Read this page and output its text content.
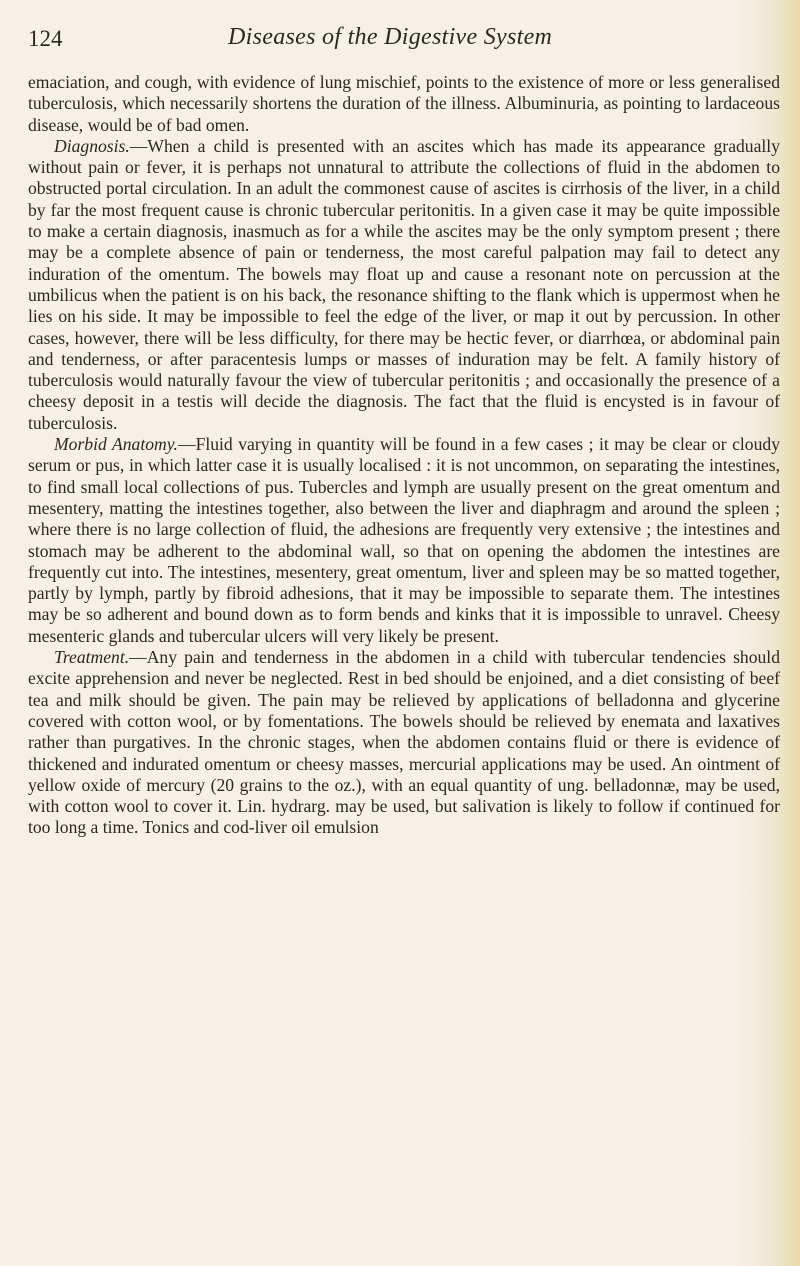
124	Diseases of the Digestive System

emaciation, and cough, with evidence of lung mischief, points to the existence of more or less generalised tuberculosis, which necessarily shortens the duration of the illness. Albuminuria, as pointing to lardaceous disease, would be of bad omen.

Diagnosis.—When a child is presented with an ascites which has made its appearance gradually without pain or fever, it is perhaps not unnatural to attribute the collections of fluid in the abdomen to obstructed portal circulation. In an adult the commonest cause of ascites is cirrhosis of the liver, in a child by far the most frequent cause is chronic tubercular peritonitis. In a given case it may be quite impossible to make a certain diagnosis, inasmuch as for a while the ascites may be the only symptom present ; there may be a complete absence of pain or tenderness, the most careful palpation may fail to detect any induration of the omentum. The bowels may float up and cause a resonant note on percussion at the umbilicus when the patient is on his back, the resonance shifting to the flank which is uppermost when he lies on his side. It may be impossible to feel the edge of the liver, or map it out by percussion. In other cases, however, there will be less difficulty, for there may be hectic fever, or diarrhœa, or abdominal pain and tenderness, or after paracentesis lumps or masses of induration may be felt. A family history of tuberculosis would naturally favour the view of tubercular peritonitis ; and occasionally the presence of a cheesy deposit in a testis will decide the diagnosis. The fact that the fluid is encysted is in favour of tuberculosis.

Morbid Anatomy.—Fluid varying in quantity will be found in a few cases ; it may be clear or cloudy serum or pus, in which latter case it is usually localised : it is not uncommon, on separating the intestines, to find small local collections of pus. Tubercles and lymph are usually present on the great omentum and mesentery, matting the intestines together, also between the liver and diaphragm and around the spleen ; where there is no large collection of fluid, the adhesions are frequently very extensive ; the intestines and stomach may be adherent to the abdominal wall, so that on opening the abdomen the intestines are frequently cut into. The intestines, mesentery, great omentum, liver and spleen may be so matted together, partly by lymph, partly by fibroid adhesions, that it may be impossible to separate them. The intestines may be so adherent and bound down as to form bends and kinks that it is impossible to unravel. Cheesy mesenteric glands and tubercular ulcers will very likely be present.

Treatment.—Any pain and tenderness in the abdomen in a child with tubercular tendencies should excite apprehension and never be neglected. Rest in bed should be enjoined, and a diet consisting of beef tea and milk should be given. The pain may be relieved by applications of belladonna and glycerine covered with cotton wool, or by fomentations. The bowels should be relieved by enemata and laxatives rather than purgatives. In the chronic stages, when the abdomen contains fluid or there is evidence of thickened and indurated omentum or cheesy masses, mercurial applications may be used. An ointment of yellow oxide of mercury (20 grains to the oz.), with an equal quantity of ung. belladonnæ, may be used, with cotton wool to cover it. Lin. hydrarg. may be used, but salivation is likely to follow if continued for too long a time. Tonics and cod-liver oil emulsion
